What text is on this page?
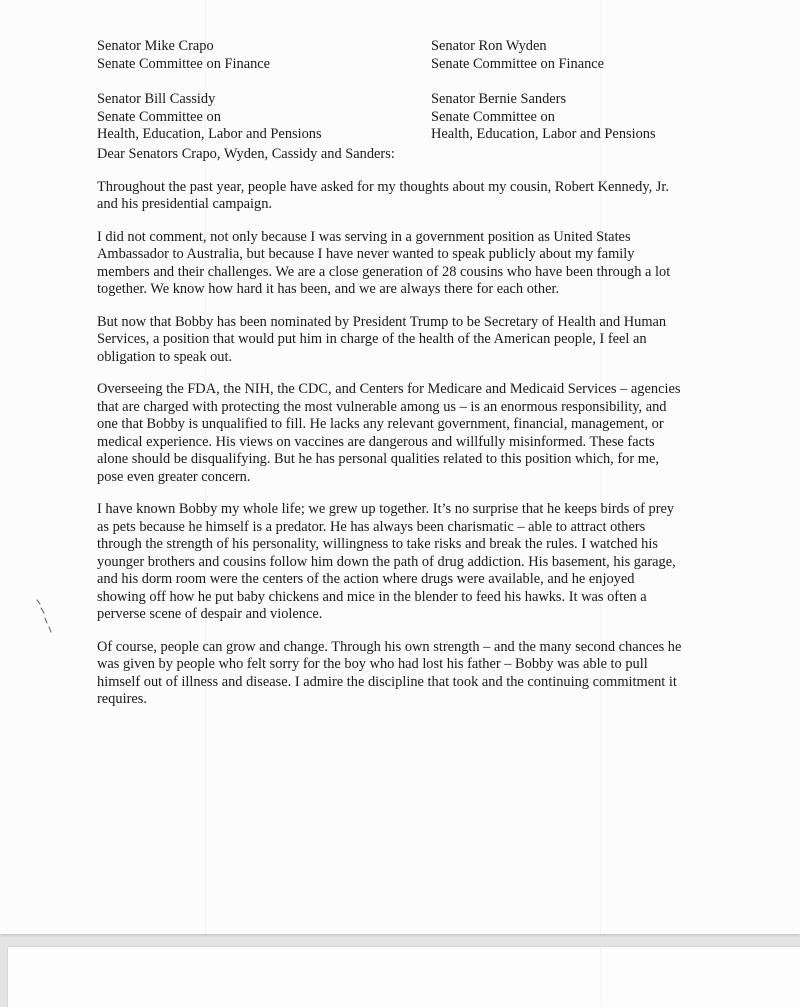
Senator Mike Crapo
Senate Committee on Finance
Senator Ron Wyden
Senate Committee on Finance
Senator Bill Cassidy
Senate Committee on
Health, Education, Labor and Pensions
Senator Bernie Sanders
Senate Committee on
Health, Education, Labor and Pensions

Dear Senators Crapo, Wyden, Cassidy and Sanders:

Throughout the past year, people have asked for my thoughts about my cousin, Robert Kennedy, Jr.
and his presidential campaign.

I did not comment, not only because I was serving in a government position as United States
Ambassador to Australia, but because I have never wanted to speak publicly about my family
members and their challenges. We are a close generation of 28 cousins who have been through a lot
together. We know how hard it has been, and we are always there for each other.

But now that Bobby has been nominated by President Trump to be Secretary of Health and Human
Services, a position that would put him in charge of the health of the American people, I feel an
obligation to speak out.

Overseeing the FDA, the NIH, the CDC, and Centers for Medicare and Medicaid Services – agencies
that are charged with protecting the most vulnerable among us – is an enormous responsibility, and
one that Bobby is unqualified to fill. He lacks any relevant government, financial, management, or
medical experience. His views on vaccines are dangerous and willfully misinformed. These facts
alone should be disqualifying. But he has personal qualities related to this position which, for me,
pose even greater concern.

I have known Bobby my whole life; we grew up together. It’s no surprise that he keeps birds of prey
as pets because he himself is a predator. He has always been charismatic – able to attract others
through the strength of his personality, willingness to take risks and break the rules. I watched his
younger brothers and cousins follow him down the path of drug addiction. His basement, his garage,
and his dorm room were the centers of the action where drugs were available, and he enjoyed
showing off how he put baby chickens and mice in the blender to feed his hawks. It was often a
perverse scene of despair and violence.

Of course, people can grow and change. Through his own strength – and the many second chances he
was given by people who felt sorry for the boy who had lost his father – Bobby was able to pull
himself out of illness and disease. I admire the discipline that took and the continuing commitment it
requires.
